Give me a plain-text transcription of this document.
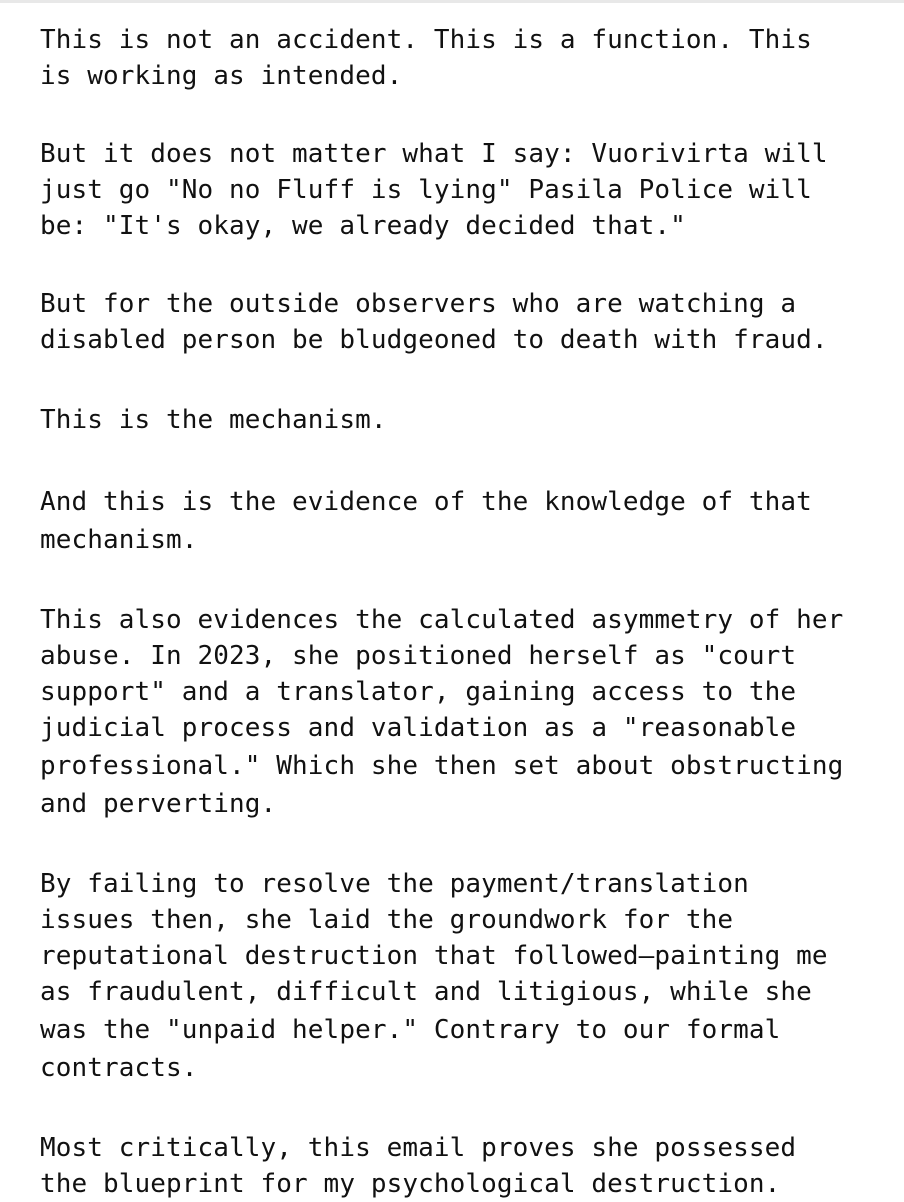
This is not an accident. This is a function. This
is working as intended.

But it does not matter what I say: Vuorivirta will
just go "No no Fluff is lying" Pasila Police will
be: "It's okay, we already decided that."

But for the outside observers who are watching a
disabled person be bludgeoned to death with fraud.

This is the mechanism.

And this is the evidence of the knowledge of that
mechanism.

This also evidences the calculated asymmetry of her
abuse. In 2023, she positioned herself as "court
support" and a translator, gaining access to the
judicial process and validation as a "reasonable
professional." Which she then set about obstructing
and perverting.

By failing to resolve the payment/translation
issues then, she laid the groundwork for the
reputational destruction that followed—painting me
as fraudulent, difficult and litigious, while she
was the "unpaid helper." Contrary to our formal
contracts.

Most critically, this email proves she possessed
the blueprint for my psychological destruction.
